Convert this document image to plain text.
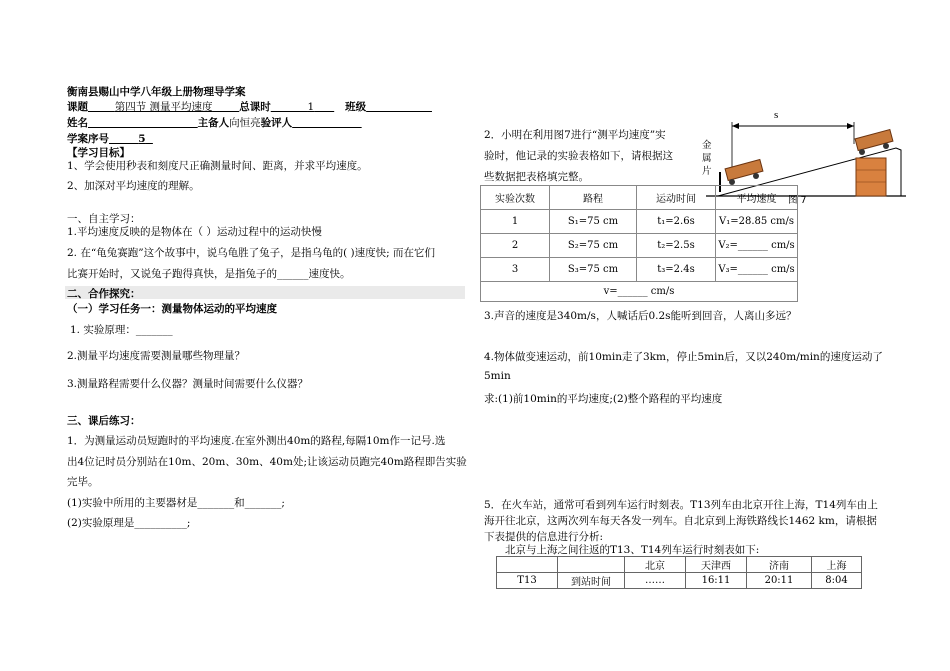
衡南县赐山中学八年级上册物理导学案
课题	第四节 测量平均速度	总课时	1	班级
姓名	主备人向恒亮验评人
学案序号	5
【学习目标】
1、学会使用秒表和刻度尺正确测量时间、距离，并求平均速度。
2、加深对平均速度的理解。
一、自主学习：
1.平均速度反映的是物体在（ ）运动过程中的运动快慢
2. 在“龟兔赛跑”这个故事中，说乌龟胜了兔子，是指乌龟的( )速度快; 而在它们
比赛开始时，又说兔子跑得真快，是指兔子的______速度快。
二、合作探究：
（一）学习任务一：测量物体运动的平均速度
1. 实验原理：_______
2.测量平均速度需要测量哪些物理量？
3.测量路程需要什么仪器？测量时间需要什么仪器？
三、课后练习：
1．为测量运动员短跑时的平均速度.在室外测出40m的路程,每隔10m作一记号.选
出4位记时员分别站在10m、20m、30m、40m处;让该运动员跑完40m路程即告实验
完毕。
(1)实验中所用的主要器材是_______和_______;
(2)实验原理是__________;
2．小明在利用图7进行“测平均速度”实
验时，他记录的实验表格如下，请根据这
些数据把表格填完整。
s
金
属
片
图 7
实验次数	路程	运动时间	平均速度
1	S₁=75 cm	t₁=2.6s	V₁=28.85 cm/s
2	S₂=75 cm	t₂=2.5s	V₂=______ cm/s
3	S₃=75 cm	t₃=2.4s	V₃=______ cm/s
v=______ cm/s			
3.声音的速度是340m/s，人喊话后0.2s能听到回音，人离山多远？
4.物体做变速运动，前10min走了3km，停止5min后，又以240m/min的速度运动了
5min
求:(1)前10min的平均速度;(2)整个路程的平均速度
5．在火车站，通常可看到列车运行时刻表。T13列车由北京开往上海，T14列车由上
海开往北京，这两次列车每天各发一列车。自北京到上海铁路线长1462 km，请根据
下表提供的信息进行分析:
北京与上海之间往返的T13、T14列车运行时刻表如下:
		北京	天津西	济南	上海
T13	到站时间	……	16:11	20:11	8:04
